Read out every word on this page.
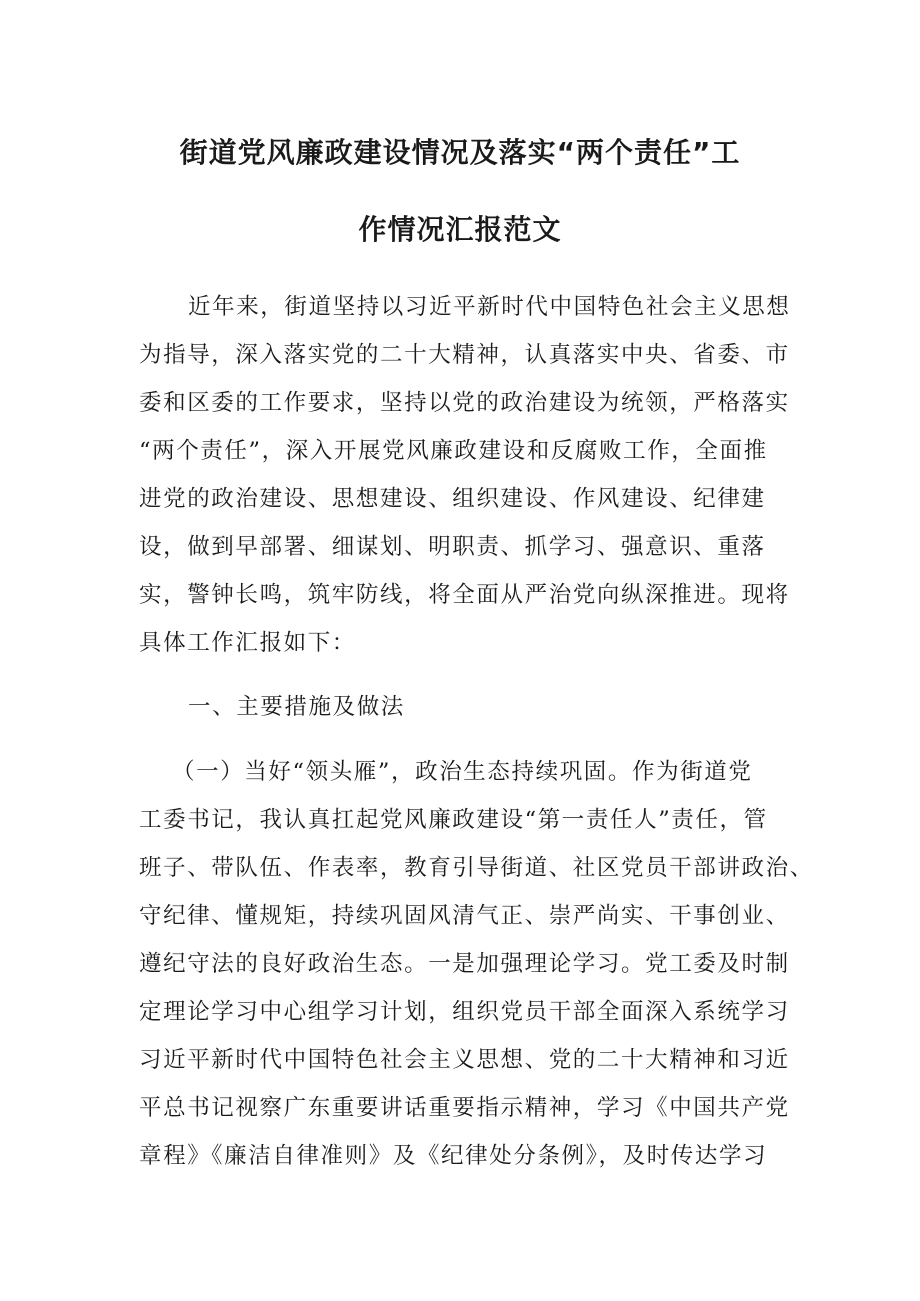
街道党风廉政建设情况及落实“两个责任”工
作情况汇报范文
近年来，街道坚持以习近平新时代中国特色社会主义思想
为指导，深入落实党的二十大精神，认真落实中央、省委、市
委和区委的工作要求，坚持以党的政治建设为统领，严格落实
“两个责任”，深入开展党风廉政建设和反腐败工作，全面推
进党的政治建设、思想建设、组织建设、作风建设、纪律建
设，做到早部署、细谋划、明职责、抓学习、强意识、重落
实，警钟长鸣，筑牢防线，将全面从严治党向纵深推进。现将
具体工作汇报如下：
一、主要措施及做法
（一）当好“领头雁”，政治生态持续巩固。作为街道党
工委书记，我认真扛起党风廉政建设“第一责任人”责任，管
班子、带队伍、作表率，教育引导街道、社区党员干部讲政治、
守纪律、懂规矩，持续巩固风清气正、崇严尚实、干事创业、
遵纪守法的良好政治生态。一是加强理论学习。党工委及时制
定理论学习中心组学习计划，组织党员干部全面深入系统学习
习近平新时代中国特色社会主义思想、党的二十大精神和习近
平总书记视察广东重要讲话重要指示精神，学习《中国共产党
章程》《廉洁自律准则》及《纪律处分条例》，及时传达学习
